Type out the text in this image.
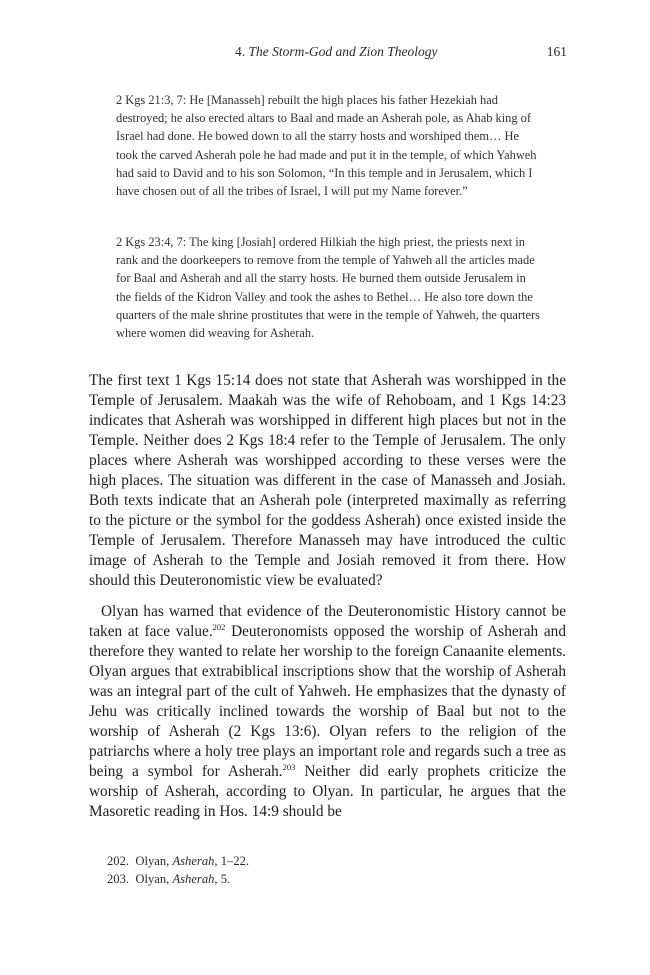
4. The Storm-God and Zion Theology	161

2 Kgs 21:3, 7: He [Manasseh] rebuilt the high places his father Hezekiah had destroyed; he also erected altars to Baal and made an Asherah pole, as Ahab king of Israel had done. He bowed down to all the starry hosts and worshiped them… He took the carved Asherah pole he had made and put it in the temple, of which Yahweh had said to David and to his son Solomon, “In this temple and in Jerusalem, which I have chosen out of all the tribes of Israel, I will put my Name forever.”

2 Kgs 23:4, 7: The king [Josiah] ordered Hilkiah the high priest, the priests next in rank and the doorkeepers to remove from the temple of Yahweh all the articles made for Baal and Asherah and all the starry hosts. He burned them outside Jerusalem in the fields of the Kidron Valley and took the ashes to Bethel… He also tore down the quarters of the male shrine prostitutes that were in the temple of Yahweh, the quarters where women did weaving for Asherah.

The first text 1 Kgs 15:14 does not state that Asherah was worshipped in the Temple of Jerusalem. Maakah was the wife of Rehoboam, and 1 Kgs 14:23 indicates that Asherah was worshipped in different high places but not in the Temple. Neither does 2 Kgs 18:4 refer to the Temple of Jerusalem. The only places where Asherah was worshipped according to these verses were the high places. The situation was different in the case of Manasseh and Josiah. Both texts indicate that an Asherah pole (interpreted maximally as referring to the picture or the symbol for the goddess Asherah) once existed inside the Temple of Jerusalem. Therefore Manasseh may have introduced the cultic image of Asherah to the Temple and Josiah removed it from there. How should this Deuteronomistic view be evaluated?

Olyan has warned that evidence of the Deuteronomistic History cannot be taken at face value.$^{202}$ Deuteronomists opposed the worship of Asherah and therefore they wanted to relate her worship to the foreign Canaanite elements. Olyan argues that extrabiblical inscriptions show that the worship of Asherah was an integral part of the cult of Yahweh. He emphasizes that the dynasty of Jehu was critically inclined towards the worship of Baal but not to the worship of Asherah (2 Kgs 13:6). Olyan refers to the religion of the patriarchs where a holy tree plays an important role and regards such a tree as being a symbol for Asherah.$^{203}$ Neither did early prophets criticize the worship of Asherah, according to Olyan. In particular, he argues that the Masoretic reading in Hos. 14:9 should be

202. Olyan, Asherah, 1–22.
203. Olyan, Asherah, 5.
